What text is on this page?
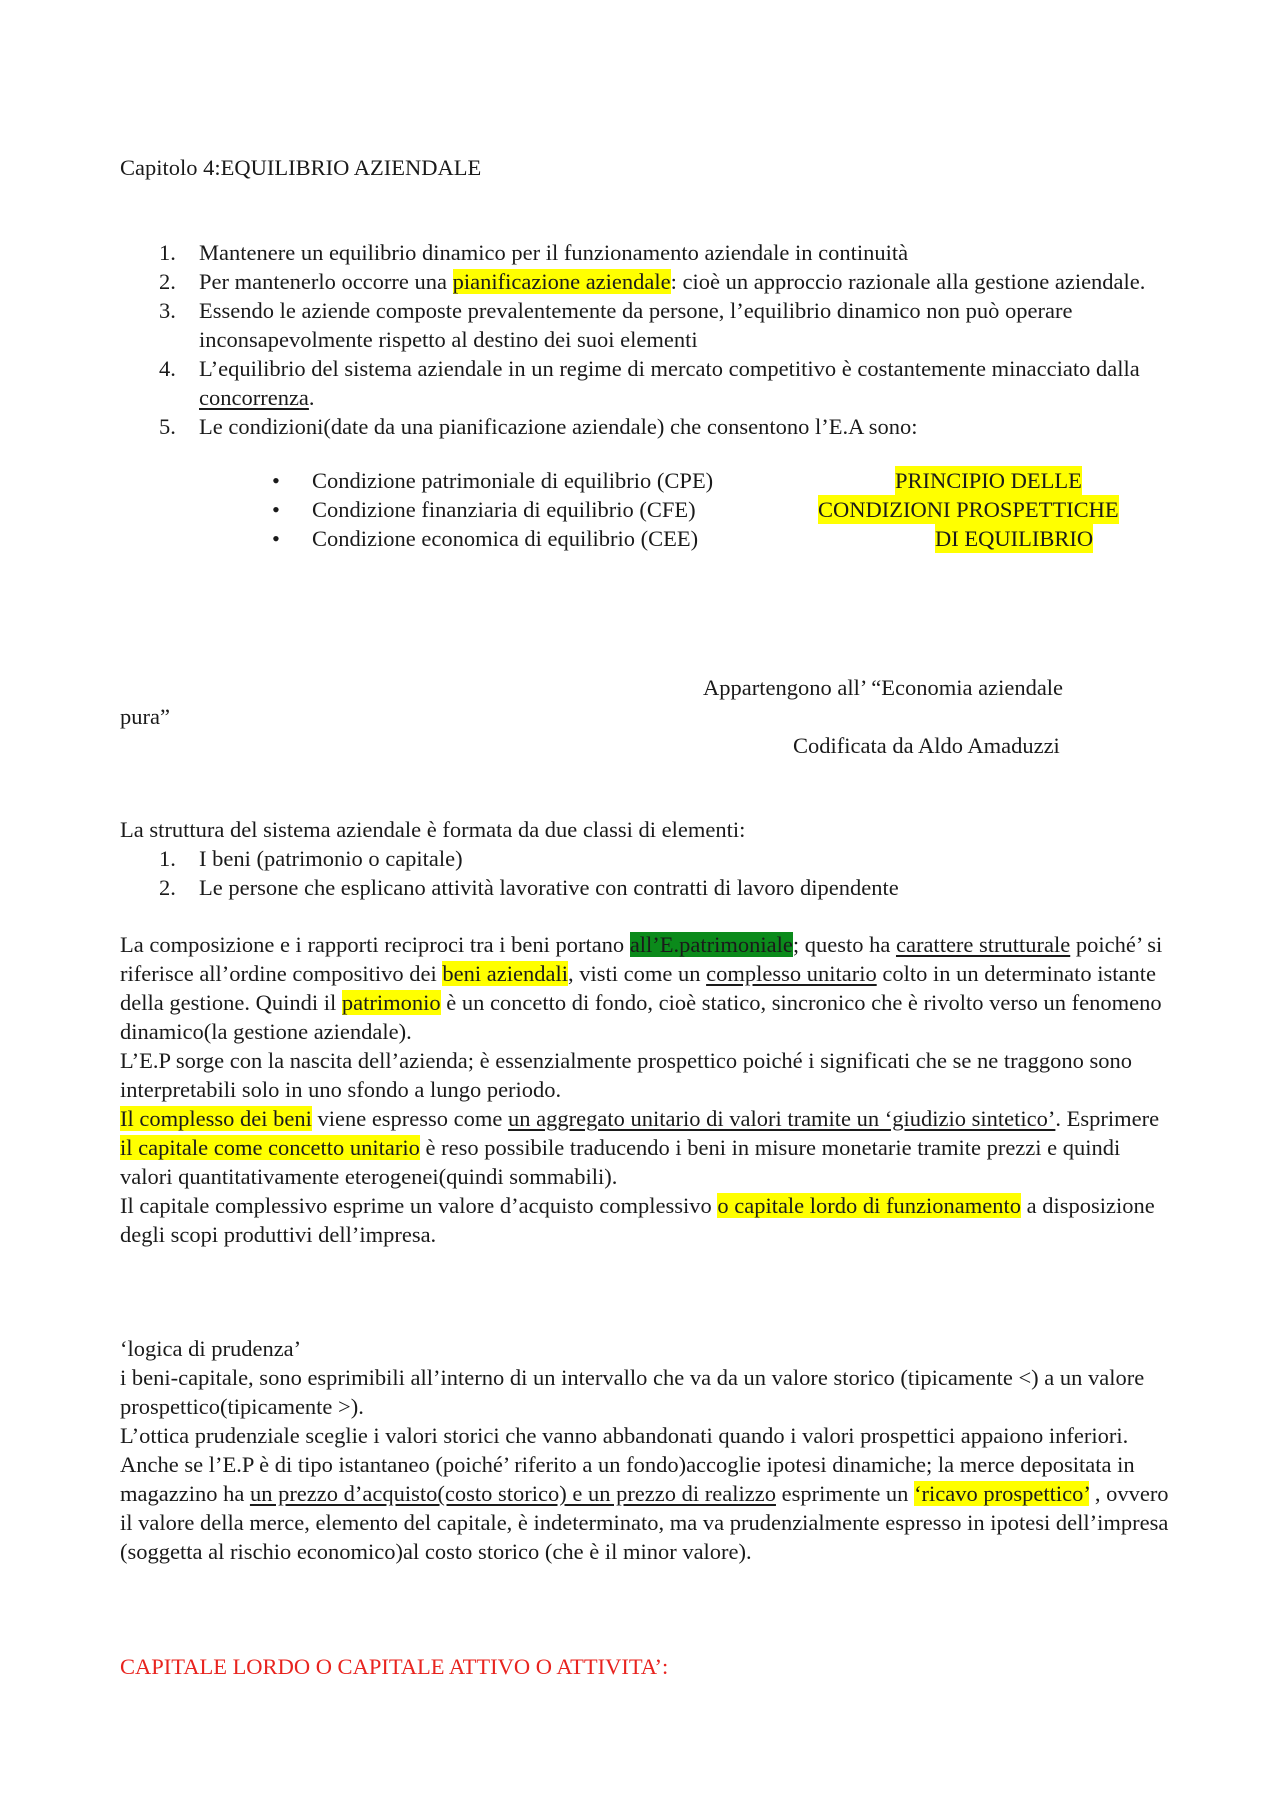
Capitolo 4:EQUILIBRIO AZIENDALE
1. Mantenere un equilibrio dinamico per il funzionamento aziendale in continuità
2. Per mantenerlo occorre una pianificazione aziendale: cioè un approccio razionale alla gestione aziendale.
3. Essendo le aziende composte prevalentemente da persone, l’equilibrio dinamico non può operare inconsapevolmente rispetto al destino dei suoi elementi
4. L’equilibrio del sistema aziendale in un regime di mercato competitivo è costantemente minacciato dalla concorrenza.
5. Le condizioni(date da una pianificazione aziendale) che consentono l’E.A sono:
• Condizione patrimoniale di equilibrio (CPE)	PRINCIPIO DELLE
• Condizione finanziaria di equilibrio (CFE)	CONDIZIONI PROSPETTICHE
• Condizione economica di equilibrio (CEE)	DI EQUILIBRIO
Appartengono all’ “Economia aziendale
pura”
Codificata da Aldo Amaduzzi
La struttura del sistema aziendale è formata da due classi di elementi:
1. I beni (patrimonio o capitale)
2. Le persone che esplicano attività lavorative con contratti di lavoro dipendente
La composizione e i rapporti reciproci tra i beni portano all’E.patrimoniale; questo ha carattere strutturale poiché’ si riferisce all’ordine compositivo dei beni aziendali, visti come un complesso unitario colto in un determinato istante della gestione. Quindi il patrimonio è un concetto di fondo, cioè statico, sincronico che è rivolto verso un fenomeno dinamico(la gestione aziendale).
L’E.P sorge con la nascita dell’azienda; è essenzialmente prospettico poiché i significati che se ne traggono sono interpretabili solo in uno sfondo a lungo periodo.
Il complesso dei beni viene espresso come un aggregato unitario di valori tramite un ‘giudizio sintetico’. Esprimere il capitale come concetto unitario è reso possibile traducendo i beni in misure monetarie tramite prezzi e quindi valori quantitativamente eterogenei(quindi sommabili).
Il capitale complessivo esprime un valore d’acquisto complessivo o capitale lordo di funzionamento a disposizione degli scopi produttivi dell’impresa.
‘logica di prudenza’
i beni-capitale, sono esprimibili all’interno di un intervallo che va da un valore storico (tipicamente <) a un valore prospettico(tipicamente >).
L’ottica prudenziale sceglie i valori storici che vanno abbandonati quando i valori prospettici appaiono inferiori.
Anche se l’E.P è di tipo istantaneo (poiché’ riferito a un fondo)accoglie ipotesi dinamiche; la merce depositata in magazzino ha un prezzo d’acquisto(costo storico) e un prezzo di realizzo esprimente un ‘ricavo prospettico’ , ovvero il valore della merce, elemento del capitale, è indeterminato, ma va prudenzialmente espresso in ipotesi dell’impresa (soggetta al rischio economico)al costo storico (che è il minor valore).
CAPITALE LORDO O CAPITALE ATTIVO O ATTIVITA’:
